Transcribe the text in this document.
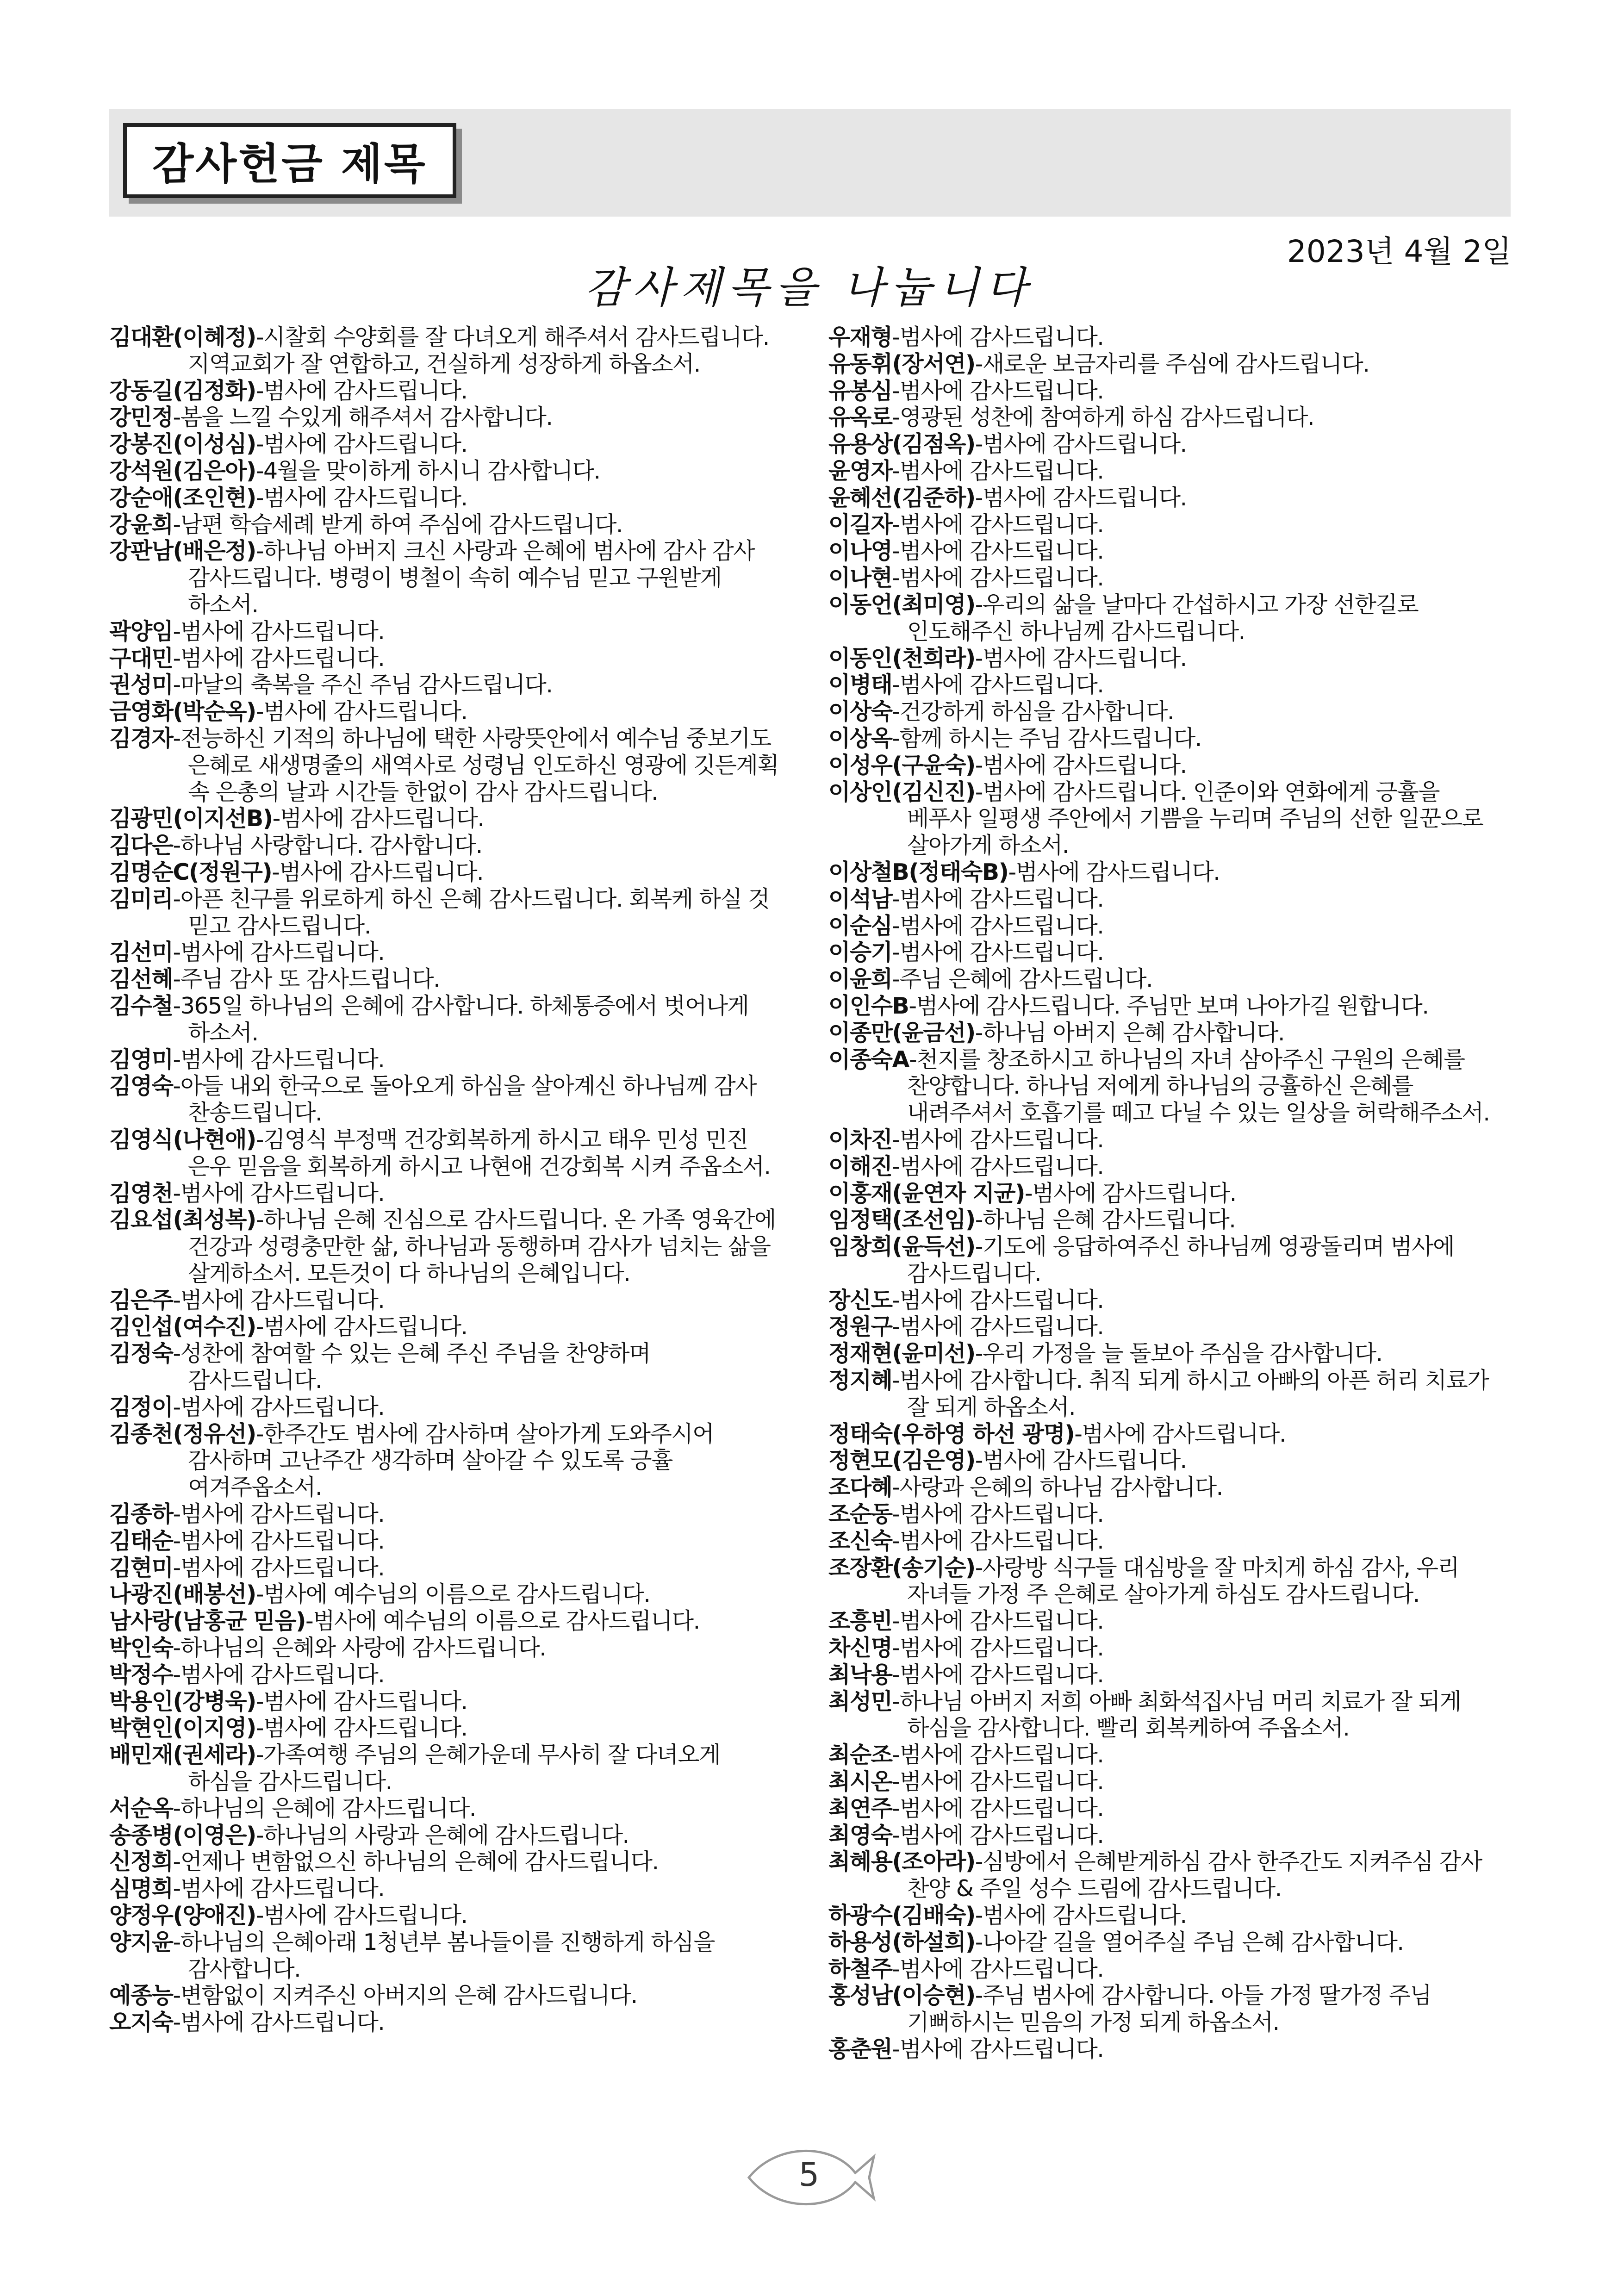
감사헌금 제목
2023년 4월 2일
감사제목을 나눕니다

김대환(이혜정)-시찰회 수양회를 잘 다녀오게 해주셔서 감사드립니다. 지역교회가 잘 연합하고, 건실하게 성장하게 하옵소서.

강동길(김정화)-범사에 감사드립니다.

강민정-봄을 느낄 수있게 해주셔서 감사합니다.

강봉진(이성심)-범사에 감사드립니다.

강석원(김은아)-4월을 맞이하게 하시니 감사합니다.

강순애(조인현)-범사에 감사드립니다.

강윤희-남편 학습세례 받게 하여 주심에 감사드립니다.

강판남(배은정)-하나님 아버지 크신 사랑과 은혜에 범사에 감사 감사 감사드립니다. 병령이 병철이 속히 예수님 믿고 구원받게 하소서.

곽양임-범사에 감사드립니다.

구대민-범사에 감사드립니다.

권성미-마날의 축복을 주신 주님 감사드립니다.

금영화(박순옥)-범사에 감사드립니다.

김경자-전능하신 기적의 하나님에 택한 사랑뜻안에서 예수님 중보기도 은혜로 새생명줄의 새역사로 성령님 인도하신 영광에 깃든계획 속 은총의 날과 시간들 한없이 감사 감사드립니다.

김광민(이지선B)-범사에 감사드립니다.

김다은-하나님 사랑합니다. 감사합니다.

김명순C(정원구)-범사에 감사드립니다.

김미리-아픈 친구를 위로하게 하신 은혜 감사드립니다. 회복케 하실 것 믿고 감사드립니다.

김선미-범사에 감사드립니다.

김선혜-주님 감사 또 감사드립니다.

김수철-365일 하나님의 은혜에 감사합니다. 하체통증에서 벗어나게 하소서.

김영미-범사에 감사드립니다.

김영숙-아들 내외 한국으로 돌아오게 하심을 살아계신 하나님께 감사 찬송드립니다.

김영식(나현애)-김영식 부정맥 건강회복하게 하시고 태우 민성 민진 은우 믿음을 회복하게 하시고 나현애 건강회복 시켜 주옵소서.

김영천-범사에 감사드립니다.

김요섭(최성복)-하나님 은혜 진심으로 감사드립니다. 온 가족 영육간에 건강과 성령충만한 삶, 하나님과 동행하며 감사가 넘치는 삶을 살게하소서. 모든것이 다 하나님의 은혜입니다.

김은주-범사에 감사드립니다.

김인섭(여수진)-범사에 감사드립니다.

김정숙-성찬에 참여할 수 있는 은혜 주신 주님을 찬양하며 감사드립니다.

김정이-범사에 감사드립니다.

김종천(정유선)-한주간도 범사에 감사하며 살아가게 도와주시어 감사하며 고난주간 생각하며 살아갈 수 있도록 긍휼 여겨주옵소서.

김종하-범사에 감사드립니다.

김태순-범사에 감사드립니다.

김현미-범사에 감사드립니다.

나광진(배봉선)-범사에 예수님의 이름으로 감사드립니다.

남사랑(남홍균 믿음)-범사에 예수님의 이름으로 감사드립니다.

박인숙-하나님의 은혜와 사랑에 감사드립니다.

박정수-범사에 감사드립니다.

박용인(강병욱)-범사에 감사드립니다.

박현인(이지영)-범사에 감사드립니다.

배민재(권세라)-가족여행 주님의 은혜가운데 무사히 잘 다녀오게 하심을 감사드립니다.

서순옥-하나님의 은혜에 감사드립니다.

송종병(이영은)-하나님의 사랑과 은혜에 감사드립니다.

신정희-언제나 변함없으신 하나님의 은혜에 감사드립니다.

심명희-범사에 감사드립니다.

양정우(양애진)-범사에 감사드립니다.

양지윤-하나님의 은혜아래 1청년부 봄나들이를 진행하게 하심을 감사합니다.

예종능-변함없이 지켜주신 아버지의 은혜 감사드립니다.

오지숙-범사에 감사드립니다.

우재형-범사에 감사드립니다.

유동휘(장서연)-새로운 보금자리를 주심에 감사드립니다.

유봉심-범사에 감사드립니다.

유옥로-영광된 성찬에 참여하게 하심 감사드립니다.

유용상(김점옥)-범사에 감사드립니다.

윤영자-범사에 감사드립니다.

윤혜선(김준하)-범사에 감사드립니다.

이길자-범사에 감사드립니다.

이나영-범사에 감사드립니다.

이나현-범사에 감사드립니다.

이동언(최미영)-우리의 삶을 날마다 간섭하시고 가장 선한길로 인도해주신 하나님께 감사드립니다.

이동인(천희라)-범사에 감사드립니다.

이병태-범사에 감사드립니다.

이상숙-건강하게 하심을 감사합니다.

이상옥-함께 하시는 주님 감사드립니다.

이성우(구윤숙)-범사에 감사드립니다.

이상인(김신진)-범사에 감사드립니다. 인준이와 연화에게 긍휼을 베푸사 일평생 주안에서 기쁨을 누리며 주님의 선한 일꾼으로 살아가게 하소서.

이상철B(정태숙B)-범사에 감사드립니다.

이석남-범사에 감사드립니다.

이순심-범사에 감사드립니다.

이승기-범사에 감사드립니다.

이윤희-주님 은혜에 감사드립니다.

이인수B-범사에 감사드립니다. 주님만 보며 나아가길 원합니다.

이종만(윤금선)-하나님 아버지 은혜 감사합니다.

이종숙A-천지를 창조하시고 하나님의 자녀 삼아주신 구원의 은혜를 찬양합니다. 하나님 저에게 하나님의 긍휼하신 은혜를 내려주셔서 호흡기를 떼고 다닐 수 있는 일상을 허락해주소서.

이차진-범사에 감사드립니다.

이해진-범사에 감사드립니다.

이홍재(윤연자 지균)-범사에 감사드립니다.

임정택(조선임)-하나님 은혜 감사드립니다.

임창희(윤득선)-기도에 응답하여주신 하나님께 영광돌리며 범사에 감사드립니다.

장신도-범사에 감사드립니다.

정원구-범사에 감사드립니다.

정재현(윤미선)-우리 가정을 늘 돌보아 주심을 감사합니다.

정지혜-범사에 감사합니다. 취직 되게 하시고 아빠의 아픈 허리 치료가 잘 되게 하옵소서.

정태숙(우하영 하선 광명)-범사에 감사드립니다.

정현모(김은영)-범사에 감사드립니다.

조다혜-사랑과 은혜의 하나님 감사합니다.

조순동-범사에 감사드립니다.

조신숙-범사에 감사드립니다.

조장환(송기순)-사랑방 식구들 대심방을 잘 마치게 하심 감사, 우리 자녀들 가정 주 은혜로 살아가게 하심도 감사드립니다.

조흥빈-범사에 감사드립니다.

차신명-범사에 감사드립니다.

최낙용-범사에 감사드립니다.

최성민-하나님 아버지 저희 아빠 최화석집사님 머리 치료가 잘 되게 하심을 감사합니다. 빨리 회복케하여 주옵소서.

최순조-범사에 감사드립니다.

최시온-범사에 감사드립니다.

최연주-범사에 감사드립니다.

최영숙-범사에 감사드립니다.

최혜용(조아라)-심방에서 은혜받게하심 감사 한주간도 지켜주심 감사 찬양 & 주일 성수 드림에 감사드립니다.

하광수(김배숙)-범사에 감사드립니다.

하용성(하설희)-나아갈 길을 열어주실 주님 은혜 감사합니다.

하철주-범사에 감사드립니다.

홍성남(이승현)-주님 범사에 감사합니다. 아들 가정 딸가정 주님 기뻐하시는 믿음의 가정 되게 하옵소서.

홍춘원-범사에 감사드립니다.

5
